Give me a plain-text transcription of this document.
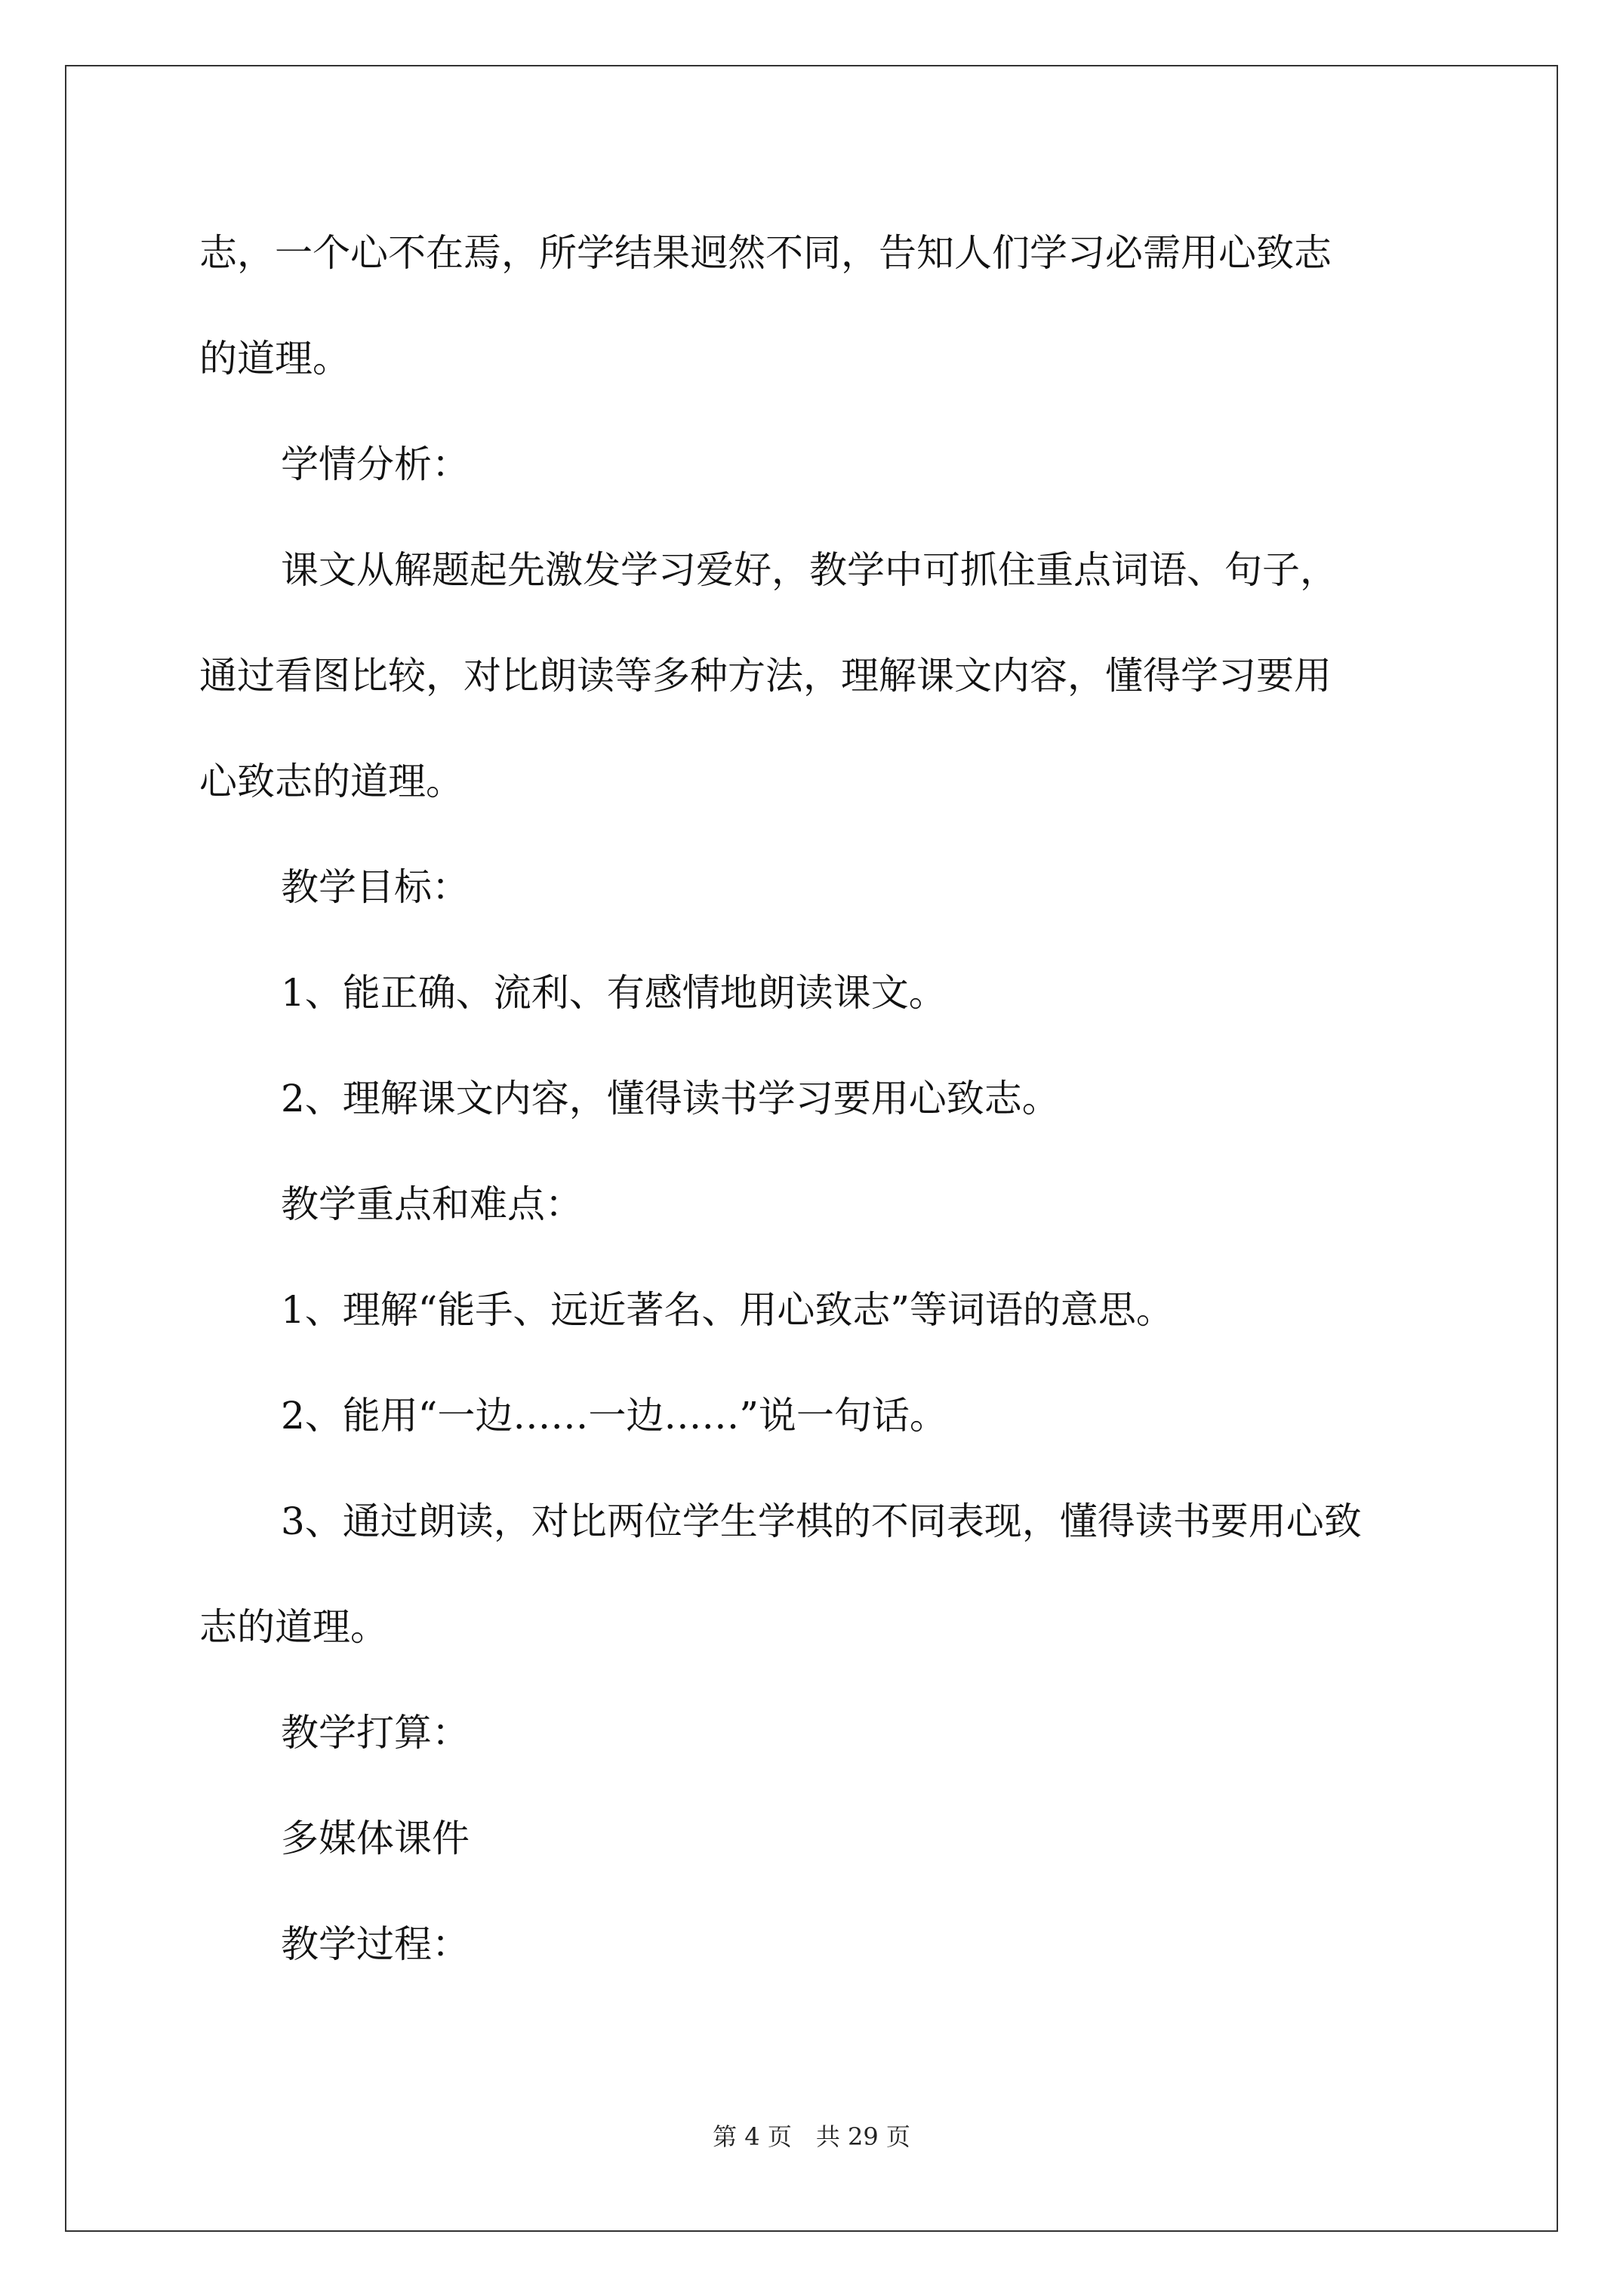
志，一个心不在焉，所学结果迥然不同，告知人们学习必需用心致志
的道理。
学情分析：
课文从解题起先激发学习爱好，教学中可抓住重点词语、句子，
通过看图比较，对比朗读等多种方法，理解课文内容，懂得学习要用
心致志的道理。
教学目标：
1、能正确、流利、有感情地朗读课文。
2、理解课文内容，懂得读书学习要用心致志。
教学重点和难点：
1、理解“能手、远近著名、用心致志”等词语的意思。
2、能用“一边……一边……”说一句话。
3、通过朗读，对比两位学生学棋的不同表现，懂得读书要用心致
志的道理。
教学打算：
多媒体课件
教学过程：
第 4 页　共 29 页
